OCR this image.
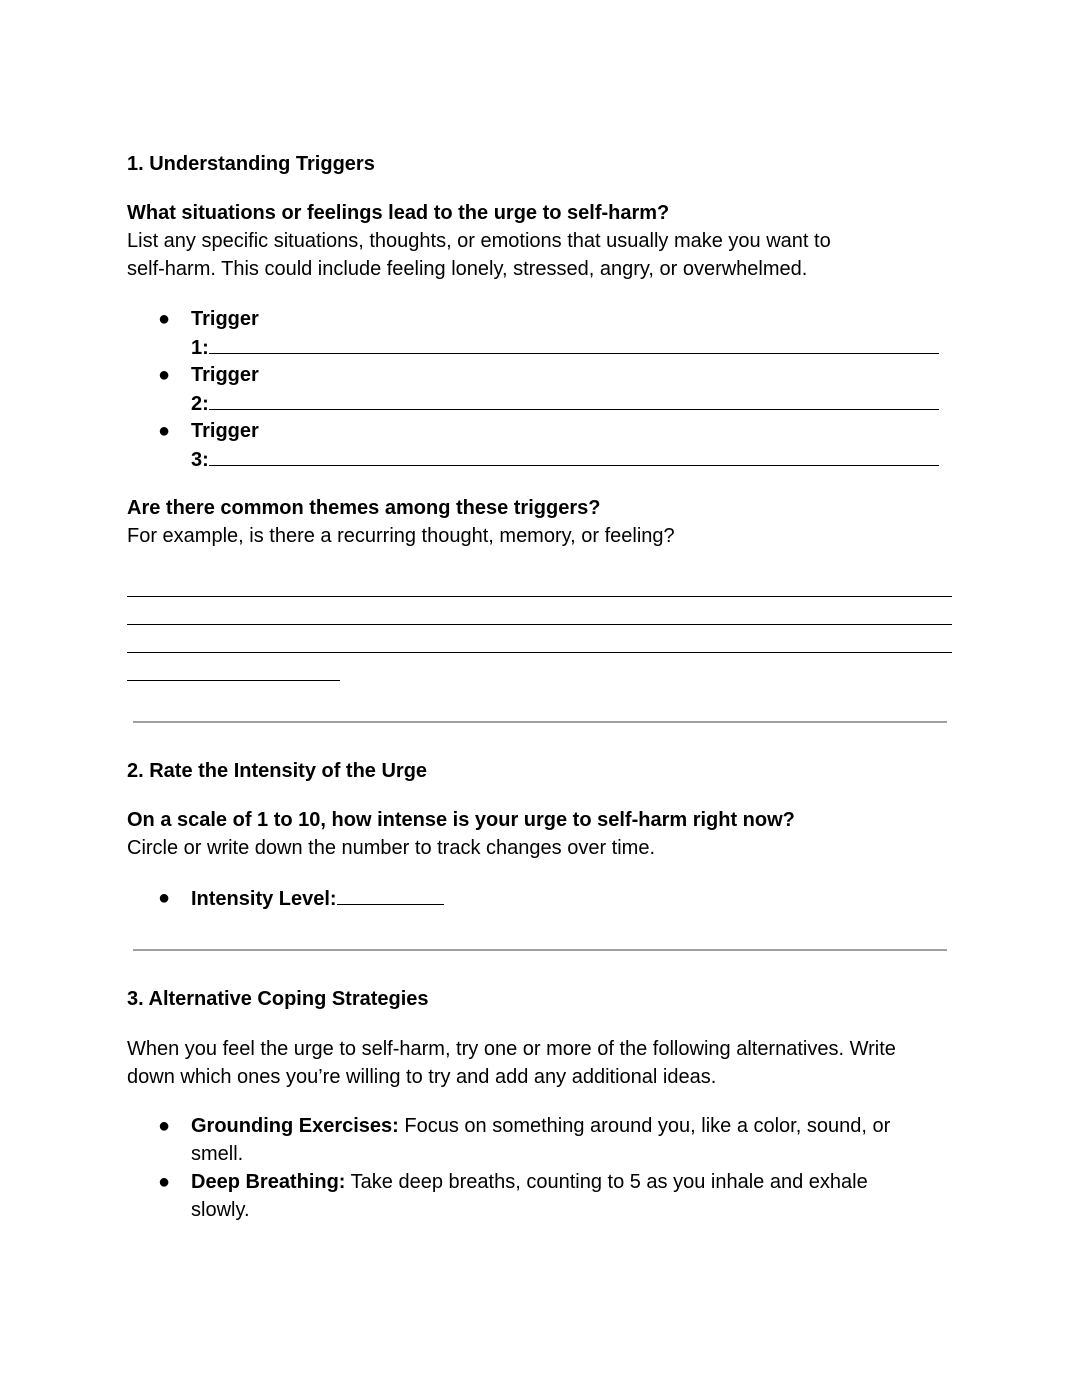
1. Understanding Triggers
What situations or feelings lead to the urge to self-harm?
List any specific situations, thoughts, or emotions that usually make you want to
self-harm. This could include feeling lonely, stressed, angry, or overwhelmed.
● Trigger
1:
● Trigger
2:
● Trigger
3:
Are there common themes among these triggers?
For example, is there a recurring thought, memory, or feeling?
2. Rate the Intensity of the Urge
On a scale of 1 to 10, how intense is your urge to self-harm right now?
Circle or write down the number to track changes over time.
● Intensity Level:
3. Alternative Coping Strategies
When you feel the urge to self-harm, try one or more of the following alternatives. Write
down which ones you’re willing to try and add any additional ideas.
● Grounding Exercises: Focus on something around you, like a color, sound, or
smell.
● Deep Breathing: Take deep breaths, counting to 5 as you inhale and exhale
slowly.
